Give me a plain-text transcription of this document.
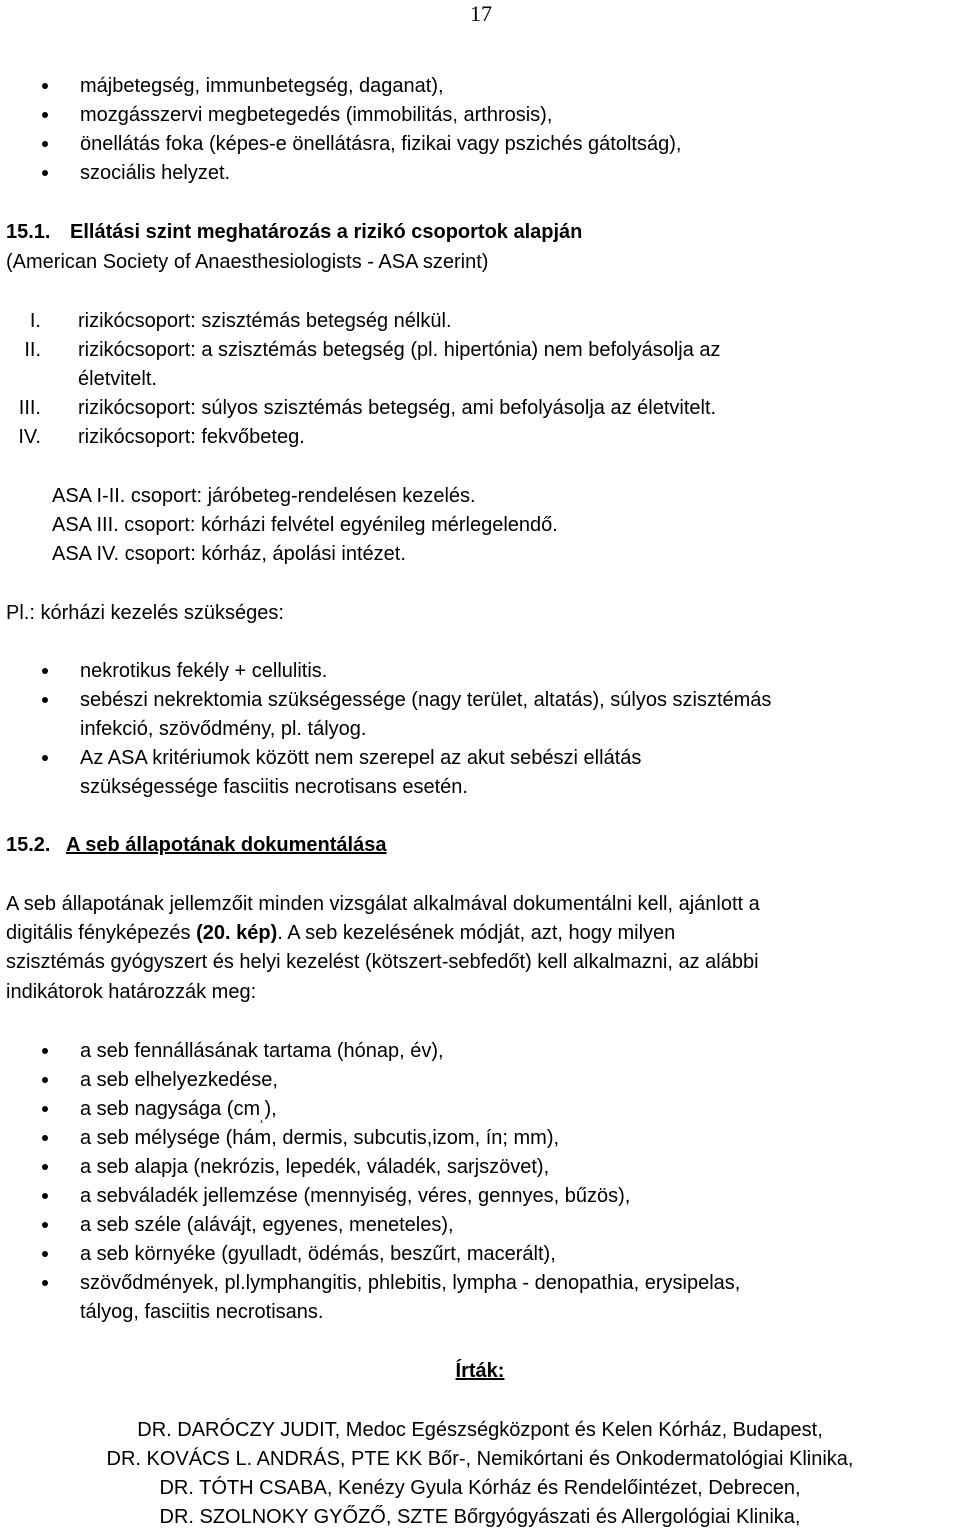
17
májbetegség, immunbetegség, daganat),
mozgásszervi megbetegedés (immobilitás, arthrosis),
önellátás foka (képes-e önellátásra, fizikai vagy pszichés gátoltság),
szociális helyzet.
15.1. Ellátási szint meghatározás a rizikó csoportok alapján
(American Society of Anaesthesiologists - ASA szerint)
I. rizikócsoport: szisztémás betegség nélkül.
II. rizikócsoport: a szisztémás betegség (pl. hipertónia) nem befolyásolja az
életvitelt.
III. rizikócsoport: súlyos szisztémás betegség, ami befolyásolja az életvitelt.
IV. rizikócsoport: fekvőbeteg.
ASA I-II. csoport: járóbeteg-rendelésen kezelés.
ASA III. csoport: kórházi felvétel egyénileg mérlegelendő.
ASA IV. csoport: kórház, ápolási intézet.
Pl.: kórházi kezelés szükséges:
nekrotikus fekély + cellulitis.
sebészi nekrektomia szükségessége (nagy terület, altatás), súlyos szisztémás
infekció, szövődmény, pl. tályog.
Az ASA kritériumok között nem szerepel az akut sebészi ellátás
szükségessége fasciitis necrotisans esetén.
15.2. A seb állapotának dokumentálása
A seb állapotának jellemzőit minden vizsgálat alkalmával dokumentálni kell, ajánlott a
digitális fényképezés (20. kép). A seb kezelésének módját, azt, hogy milyen
szisztémás gyógyszert és helyi kezelést (kötszert-sebfedőt) kell alkalmazni, az alábbi
indikátorok határozzák meg:
a seb fennállásának tartama (hónap, év),
a seb elhelyezkedése,
a seb nagysága $(cm_˛)$,
a seb mélysége (hám, dermis, subcutis,izom, ín; mm),
a seb alapja (nekrózis, lepedék, váladék, sarjszövet),
a sebváladék jellemzése (mennyiség, véres, gennyes, bűzös),
a seb széle (alávájt, egyenes, meneteles),
a seb környéke (gyulladt, ödémás, beszűrt, macerált),
szövődmények, pl.lymphangitis, phlebitis, lympha - denopathia, erysipelas,
tályog, fasciitis necrotisans.
Írták:
DR. DARÓCZY JUDIT, Medoc Egészségközpont és Kelen Kórház, Budapest,
DR. KOVÁCS L. ANDRÁS, PTE KK Bőr-, Nemikórtani és Onkodermatológiai Klinika,
DR. TÓTH CSABA, Kenézy Gyula Kórház és Rendelőintézet, Debrecen,
DR. SZOLNOKY GYŐZŐ, SZTE Bőrgyógyászati és Allergológiai Klinika,
